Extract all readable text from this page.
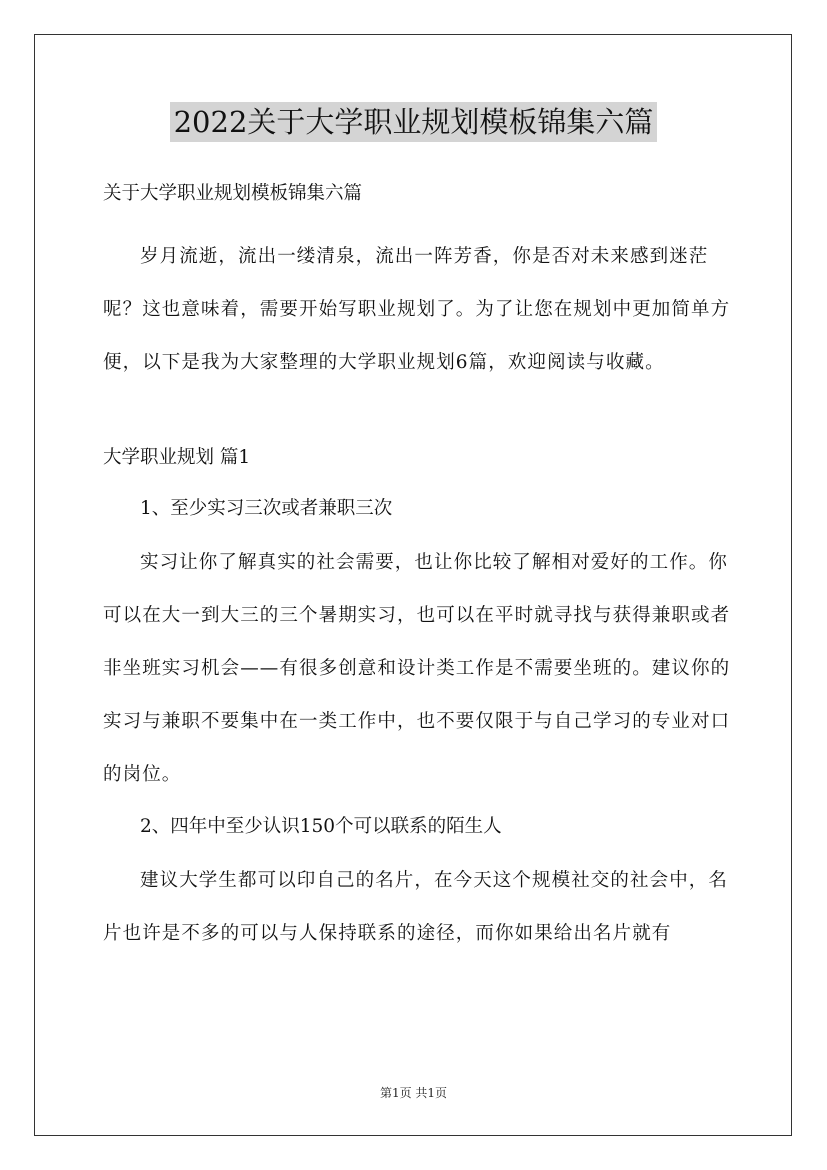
2022关于大学职业规划模板锦集六篇

关于大学职业规划模板锦集六篇

岁月流逝，流出一缕清泉，流出一阵芳香，你是否对未来感到迷茫呢？这也意味着，需要开始写职业规划了。为了让您在规划中更加简单方便，以下是我为大家整理的大学职业规划6篇，欢迎阅读与收藏。

大学职业规划 篇1

1、至少实习三次或者兼职三次

实习让你了解真实的社会需要，也让你比较了解相对爱好的工作。你可以在大一到大三的三个暑期实习，也可以在平时就寻找与获得兼职或者非坐班实习机会——有很多创意和设计类工作是不需要坐班的。建议你的实习与兼职不要集中在一类工作中，也不要仅限于与自己学习的专业对口的岗位。

2、四年中至少认识150个可以联系的陌生人

建议大学生都可以印自己的名片，在今天这个规模社交的社会中，名片也许是不多的可以与人保持联系的途径，而你如果给出名片就有

第1页 共1页
